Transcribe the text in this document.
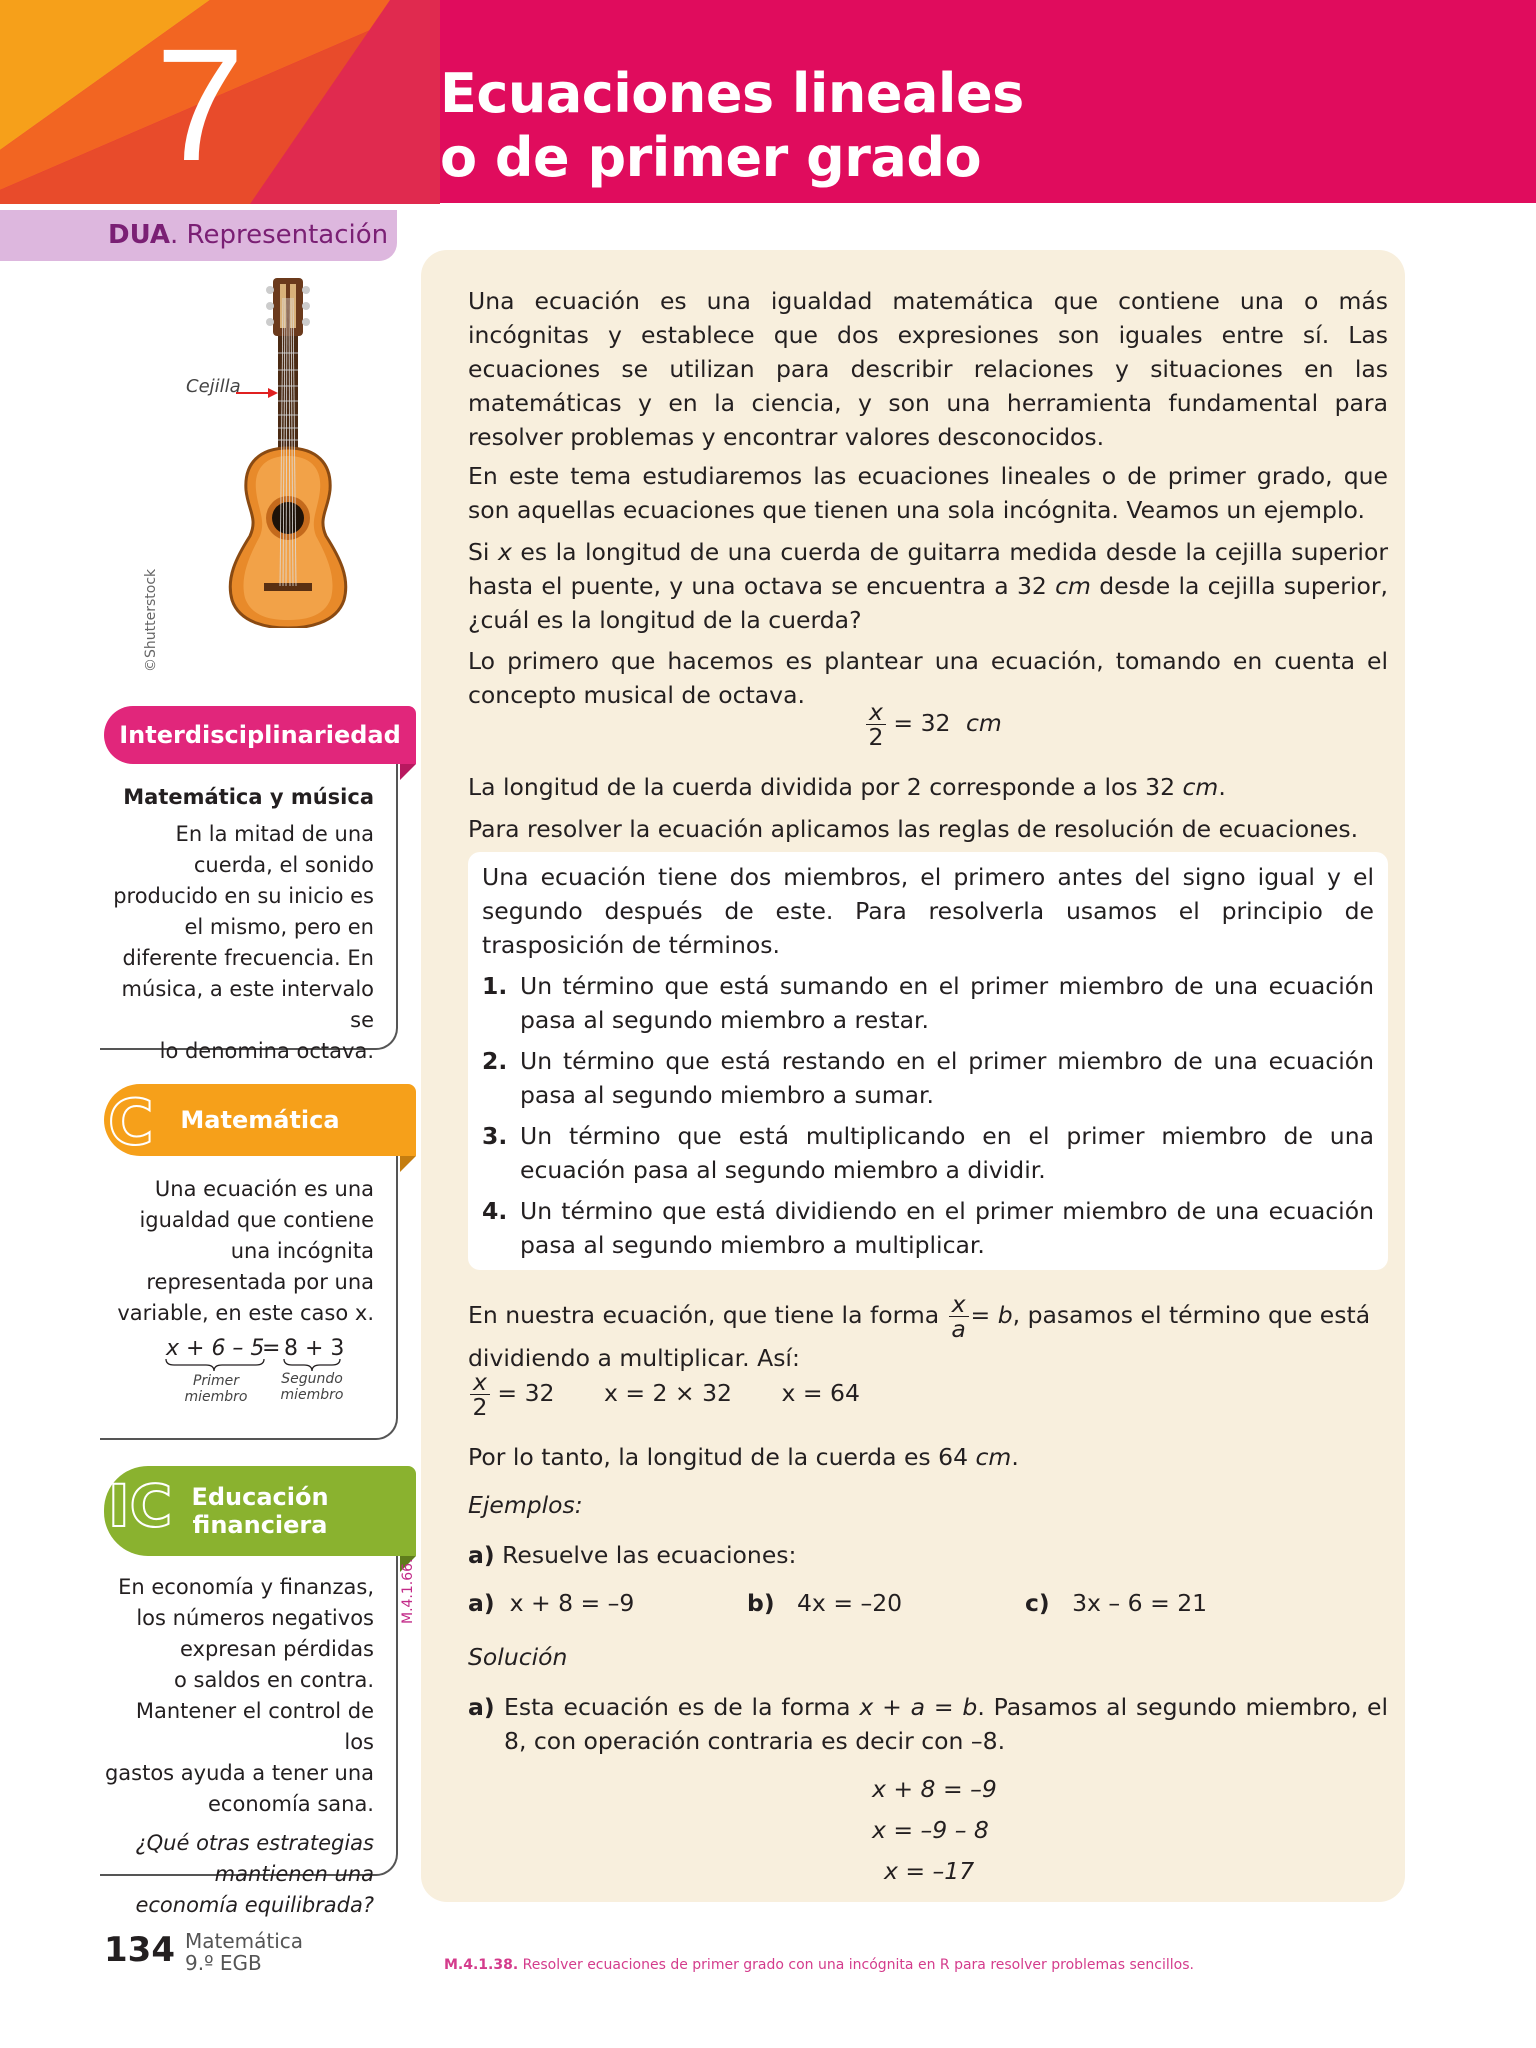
7	Ecuaciones lineales
o de primer grado
DUA. Representación
Cejilla
©Shutterstock
Interdisciplinariedad
Matemática y música
En la mitad de una
cuerda, el sonido
producido en su inicio es
el mismo, pero en
diferente frecuencia. En
música, a este intervalo se
lo denomina octava.
Matemática
C
Una ecuación es una
igualdad que contiene
una incógnita
representada por una
variable, en este caso x.
x + 6 – 5
= 8 + 3
Primer
miembro
Segundo
miembro
Educación
financiera
IC
En economía y finanzas,
los números negativos
expresan pérdidas
o saldos en contra.
Mantener el control de los
gastos ayuda a tener una
economía sana.
¿Qué otras estrategias
mantienen una
economía equilibrada?
M.4.1.66.
Una ecuación es una igualdad matemática que contiene una o más incógnitas y establece que dos expresiones son iguales entre sí. Las ecuaciones se utilizan para describir relaciones y situaciones en las matemáticas y en la ciencia, y son una herramienta fundamental para resolver problemas y encontrar valores desconocidos.
En este tema estudiaremos las ecuaciones lineales o de primer grado, que son aquellas ecuaciones que tienen una sola incógnita. Veamos un ejemplo.
Si x es la longitud de una cuerda de guitarra medida desde la cejilla superior hasta el puente, y una octava se encuentra a 32 cm desde la cejilla superior, ¿cuál es la longitud de la cuerda?
Lo primero que hacemos es plantear una ecuación, tomando en cuenta el concepto musical de octava.
$\frac{x}{2} = 32$ cm
La longitud de la cuerda dividida por 2 corresponde a los 32 cm.
Para resolver la ecuación aplicamos las reglas de resolución de ecuaciones.
Una ecuación tiene dos miembros, el primero antes del signo igual y el segundo después de este. Para resolverla usamos el principio de trasposición de términos.
1. Un término que está sumando en el primer miembro de una ecuación pasa al segundo miembro a restar.
2. Un término que está restando en el primer miembro de una ecuación pasa al segundo miembro a sumar.
3. Un término que está multiplicando en el primer miembro de una ecuación pasa al segundo miembro a dividir.
4. Un término que está dividiendo en el primer miembro de una ecuación pasa al segundo miembro a multiplicar.
En nuestra ecuación, que tiene la forma $\frac{x}{a} = b$, pasamos el término que está dividiendo a multiplicar. Así:
$\frac{x}{2} = 32$ x = 2 × 32 x = 64
Por lo tanto, la longitud de la cuerda es 64 cm.
Ejemplos:
a) Resuelve las ecuaciones:
a) x + 8 = –9	b) 4x = –20	c) 3x – 6 = 21
Solución
a) Esta ecuación es de la forma x + a = b. Pasamos al segundo miembro, el 8, con operación contraria es decir con –8.
x + 8 = –9
x = –9 – 8
x = –17
134 Matemática
9.º EGB	M.4.1.38. Resolver ecuaciones de primer grado con una incógnita en R para resolver problemas sencillos.
